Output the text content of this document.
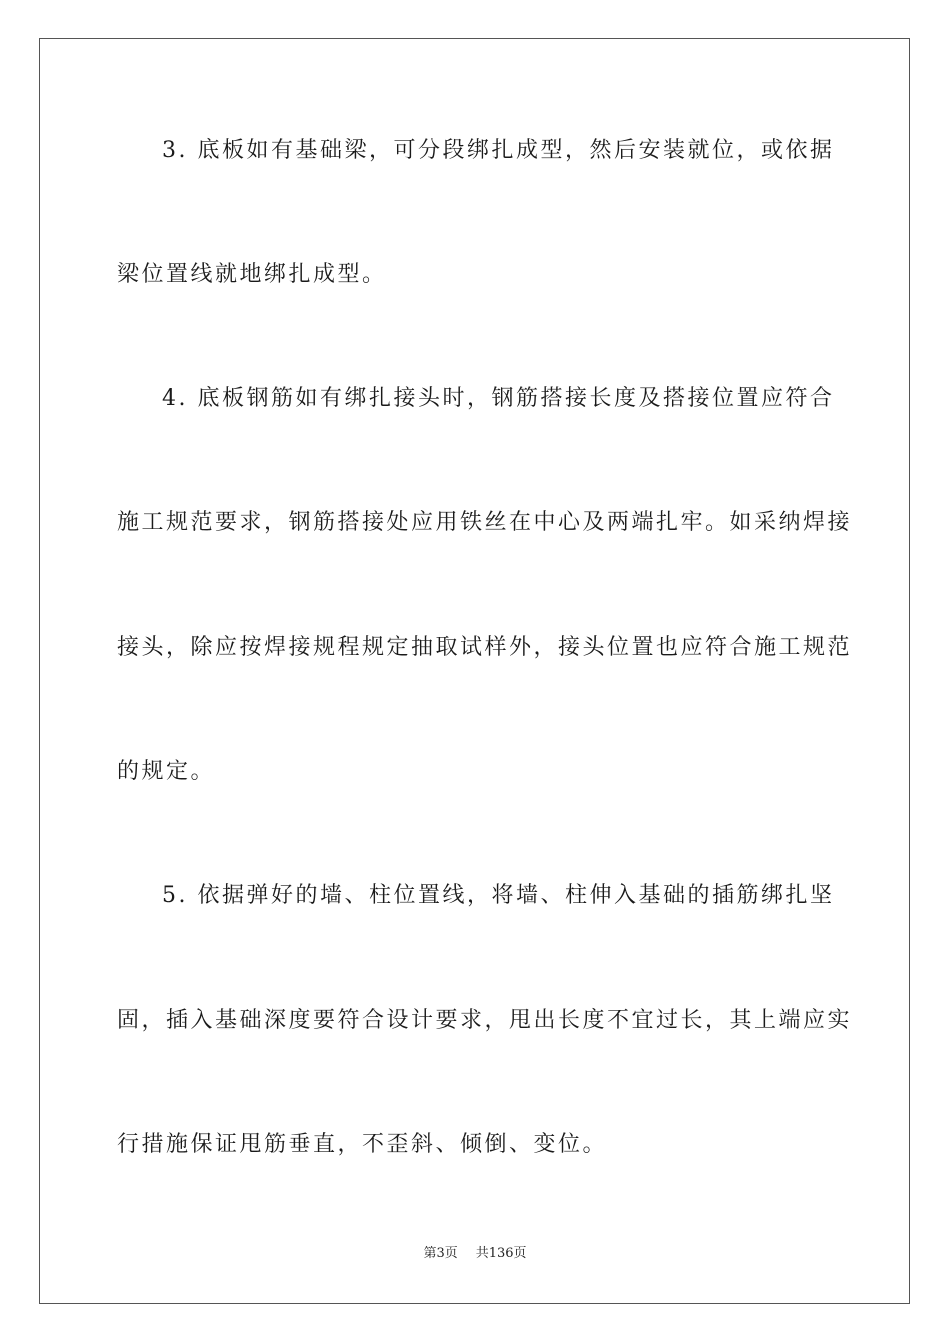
3. 底板如有基础梁，可分段绑扎成型，然后安装就位，或依据
梁位置线就地绑扎成型。
4. 底板钢筋如有绑扎接头时，钢筋搭接长度及搭接位置应符合
施工规范要求，钢筋搭接处应用铁丝在中心及两端扎牢。如采纳焊接
接头，除应按焊接规程规定抽取试样外，接头位置也应符合施工规范
的规定。
5. 依据弹好的墙、柱位置线，将墙、柱伸入基础的插筋绑扎坚
固，插入基础深度要符合设计要求，甩出长度不宜过长，其上端应实
行措施保证甩筋垂直，不歪斜、倾倒、变位。
第3页 共136页
